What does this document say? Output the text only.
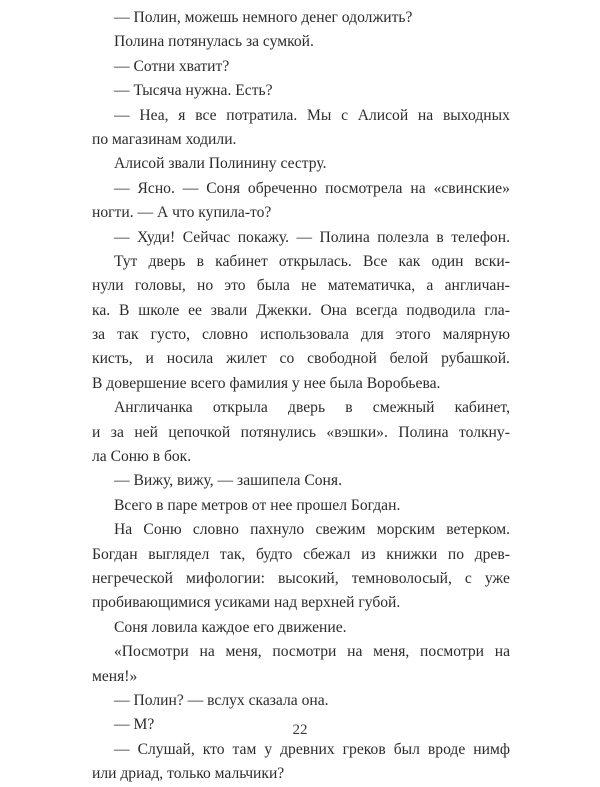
— Полин, можешь немного денег одолжить?
Полина потянулась за сумкой.
— Сотни хватит?
— Тысяча нужна. Есть?
— Неа, я все потратила. Мы с Алисой на выходных
по магазинам ходили.
Алисой звали Полинину сестру.
— Ясно. — Соня обреченно посмотрела на «свинские»
ногти. — А что купила-то?
— Худи! Сейчас покажу. — Полина полезла в телефон.
Тут дверь в кабинет открылась. Все как один вски-
нули головы, но это была не математичка, а англичан-
ка. В школе ее звали Джекки. Она всегда подводила гла-
за так густо, словно использовала для этого малярную
кисть, и носила жилет со свободной белой рубашкой.
В довершение всего фамилия у нее была Воробьева.
Англичанка открыла дверь в смежный кабинет,
и за ней цепочкой потянулись «вэшки». Полина толкну-
ла Соню в бок.
— Вижу, вижу, — зашипела Соня.
Всего в паре метров от нее прошел Богдан.
На Соню словно пахнуло свежим морским ветерком.
Богдан выглядел так, будто сбежал из книжки по древ-
негреческой мифологии: высокий, темноволосый, с уже
пробивающимися усиками над верхней губой.
Соня ловила каждое его движение.
«Посмотри на меня, посмотри на меня, посмотри на
меня!»
— Полин? — вслух сказала она.
— М?
— Слушай, кто там у древних греков был вроде нимф
или дриад, только мальчики?
22
